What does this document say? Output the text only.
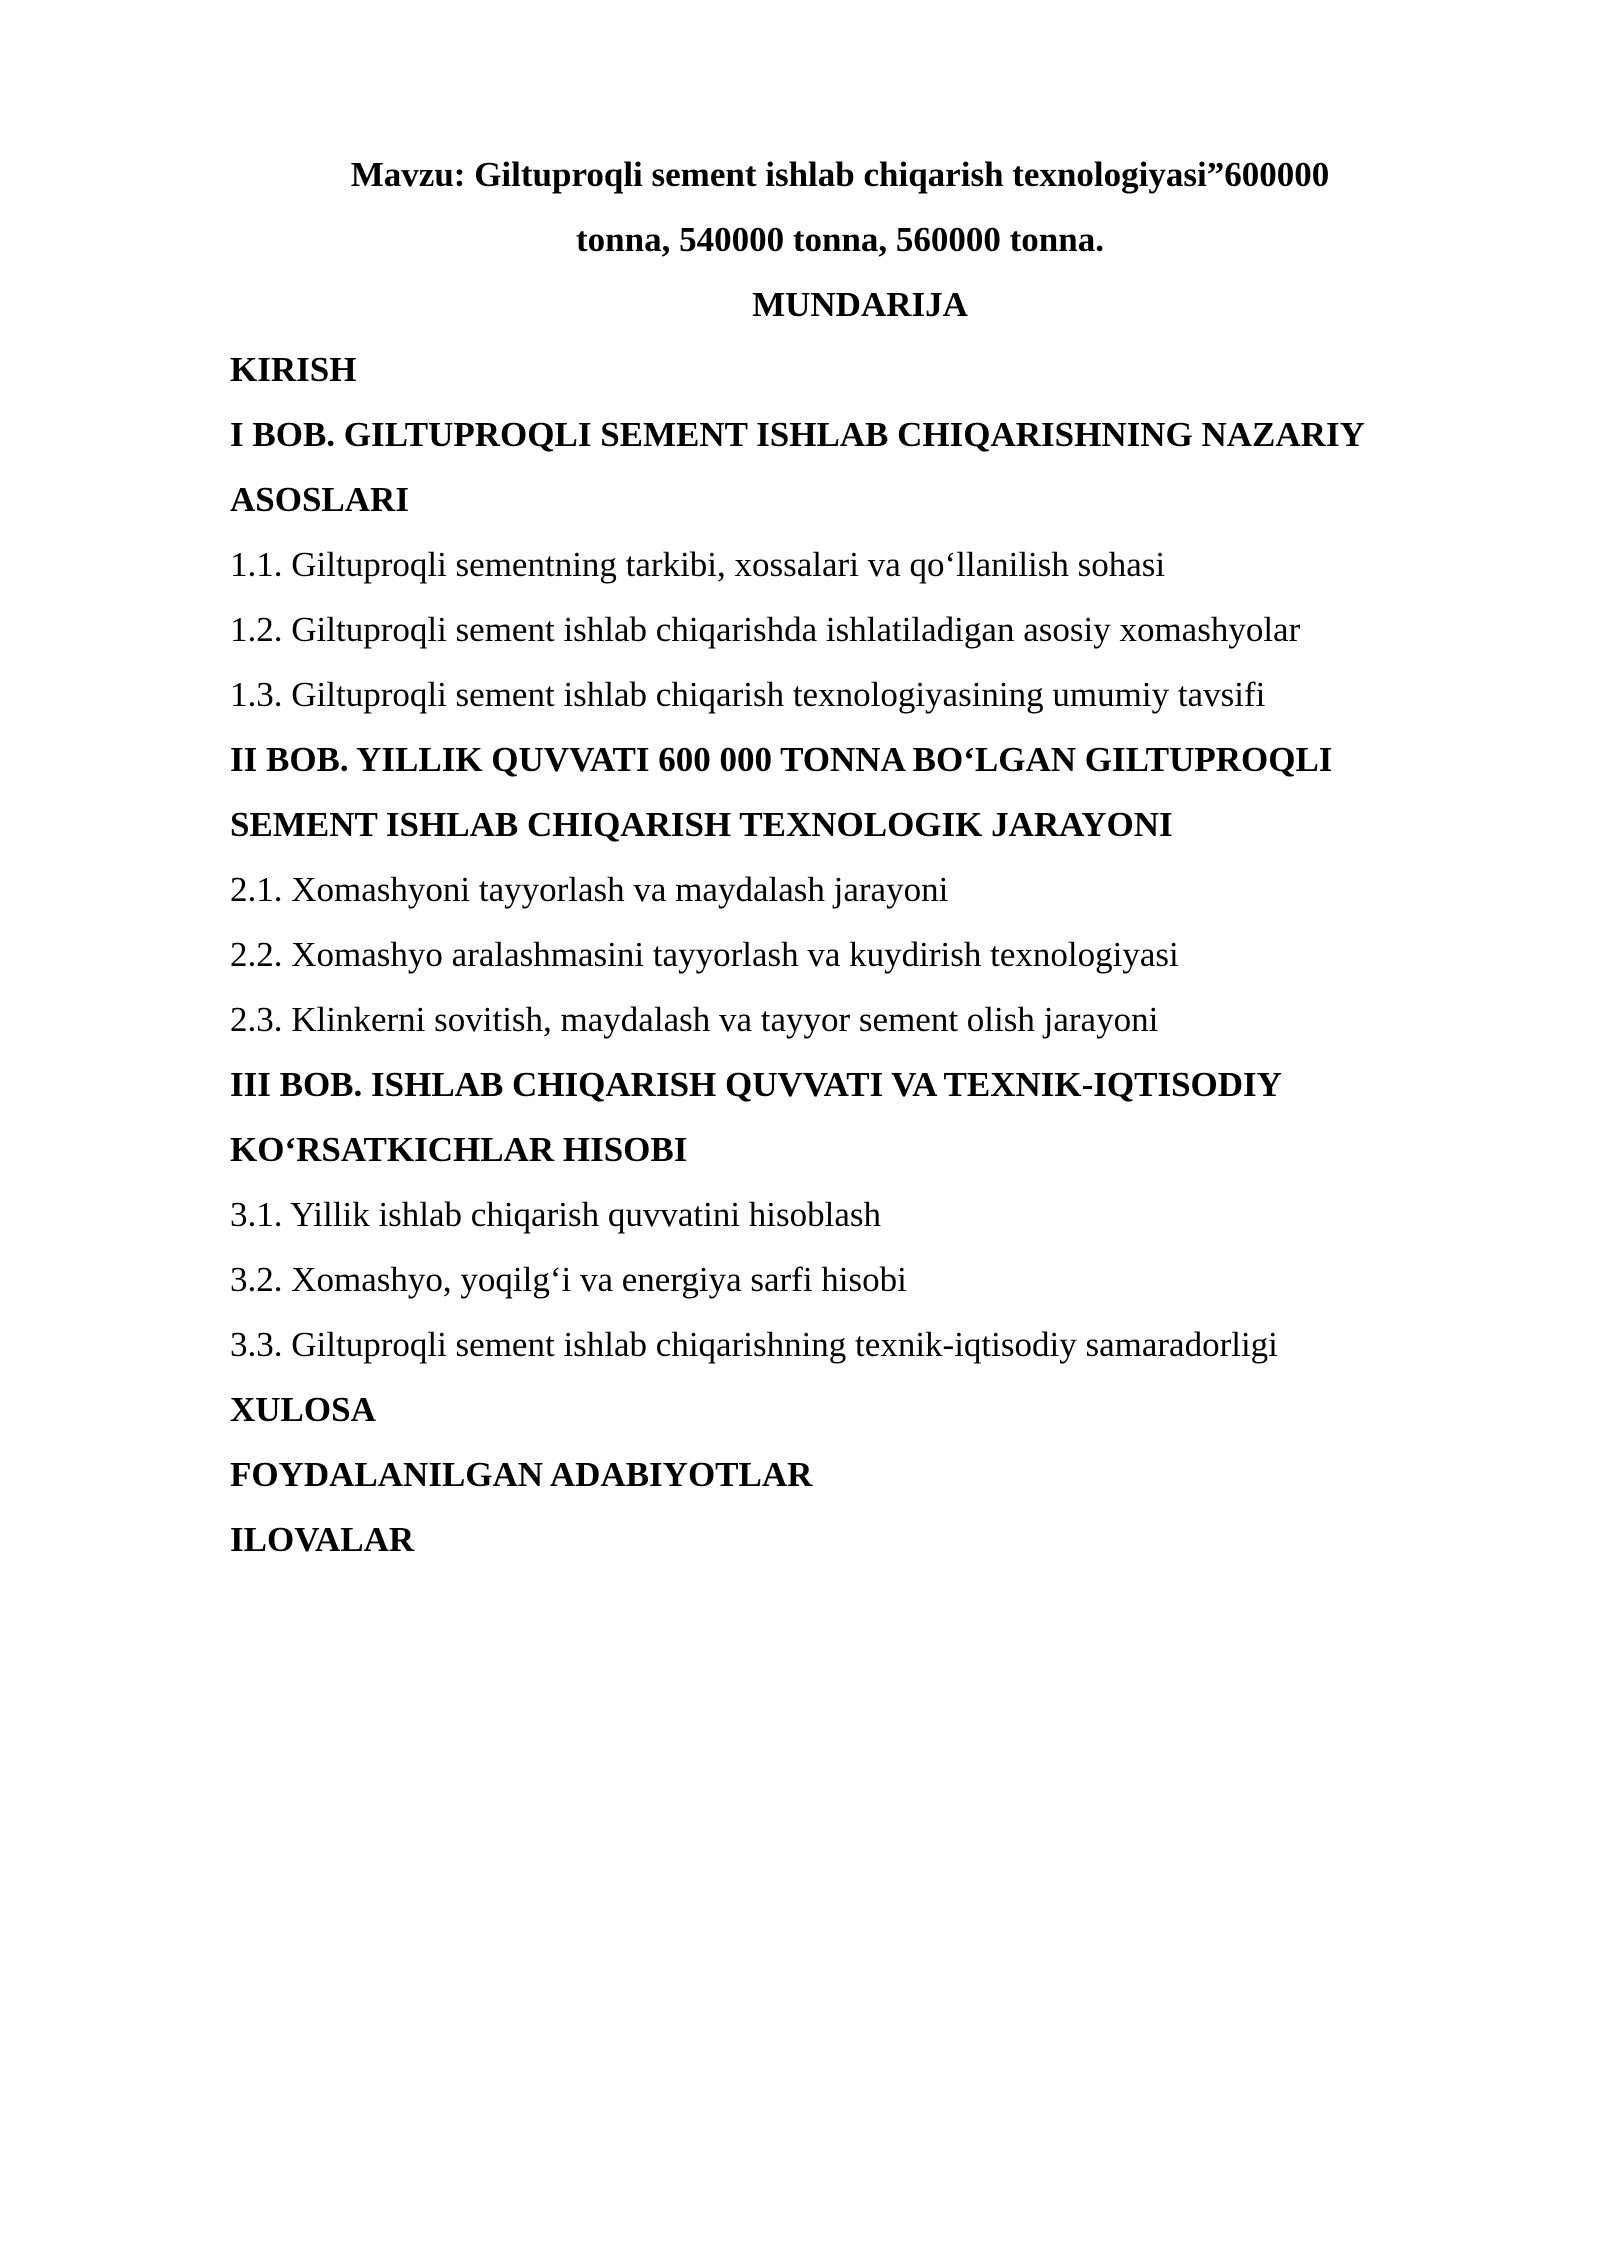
Mavzu: Giltuproqli sement ishlab chiqarish texnologiyasi”600000
tonna, 540000 tonna, 560000 tonna.
MUNDARIJA
KIRISH
I BOB. GILTUPROQLI SEMENT ISHLAB CHIQARISHNING NAZARIY
ASOSLARI
1.1. Giltuproqli sementning tarkibi, xossalari va qo‘llanilish sohasi
1.2. Giltuproqli sement ishlab chiqarishda ishlatiladigan asosiy xomashyolar
1.3. Giltuproqli sement ishlab chiqarish texnologiyasining umumiy tavsifi
II BOB. YILLIK QUVVATI 600 000 TONNA BO‘LGAN GILTUPROQLI
SEMENT ISHLAB CHIQARISH TEXNOLOGIK JARAYONI
2.1. Xomashyoni tayyorlash va maydalash jarayoni
2.2. Xomashyo aralashmasini tayyorlash va kuydirish texnologiyasi
2.3. Klinkerni sovitish, maydalash va tayyor sement olish jarayoni
III BOB. ISHLAB CHIQARISH QUVVATI VA TEXNIK-IQTISODIY
KO‘RSATKICHLAR HISOBI
3.1. Yillik ishlab chiqarish quvvatini hisoblash
3.2. Xomashyo, yoqilg‘i va energiya sarfi hisobi
3.3. Giltuproqli sement ishlab chiqarishning texnik-iqtisodiy samaradorligi
XULOSA
FOYDALANILGAN ADABIYOTLAR
ILOVALAR
